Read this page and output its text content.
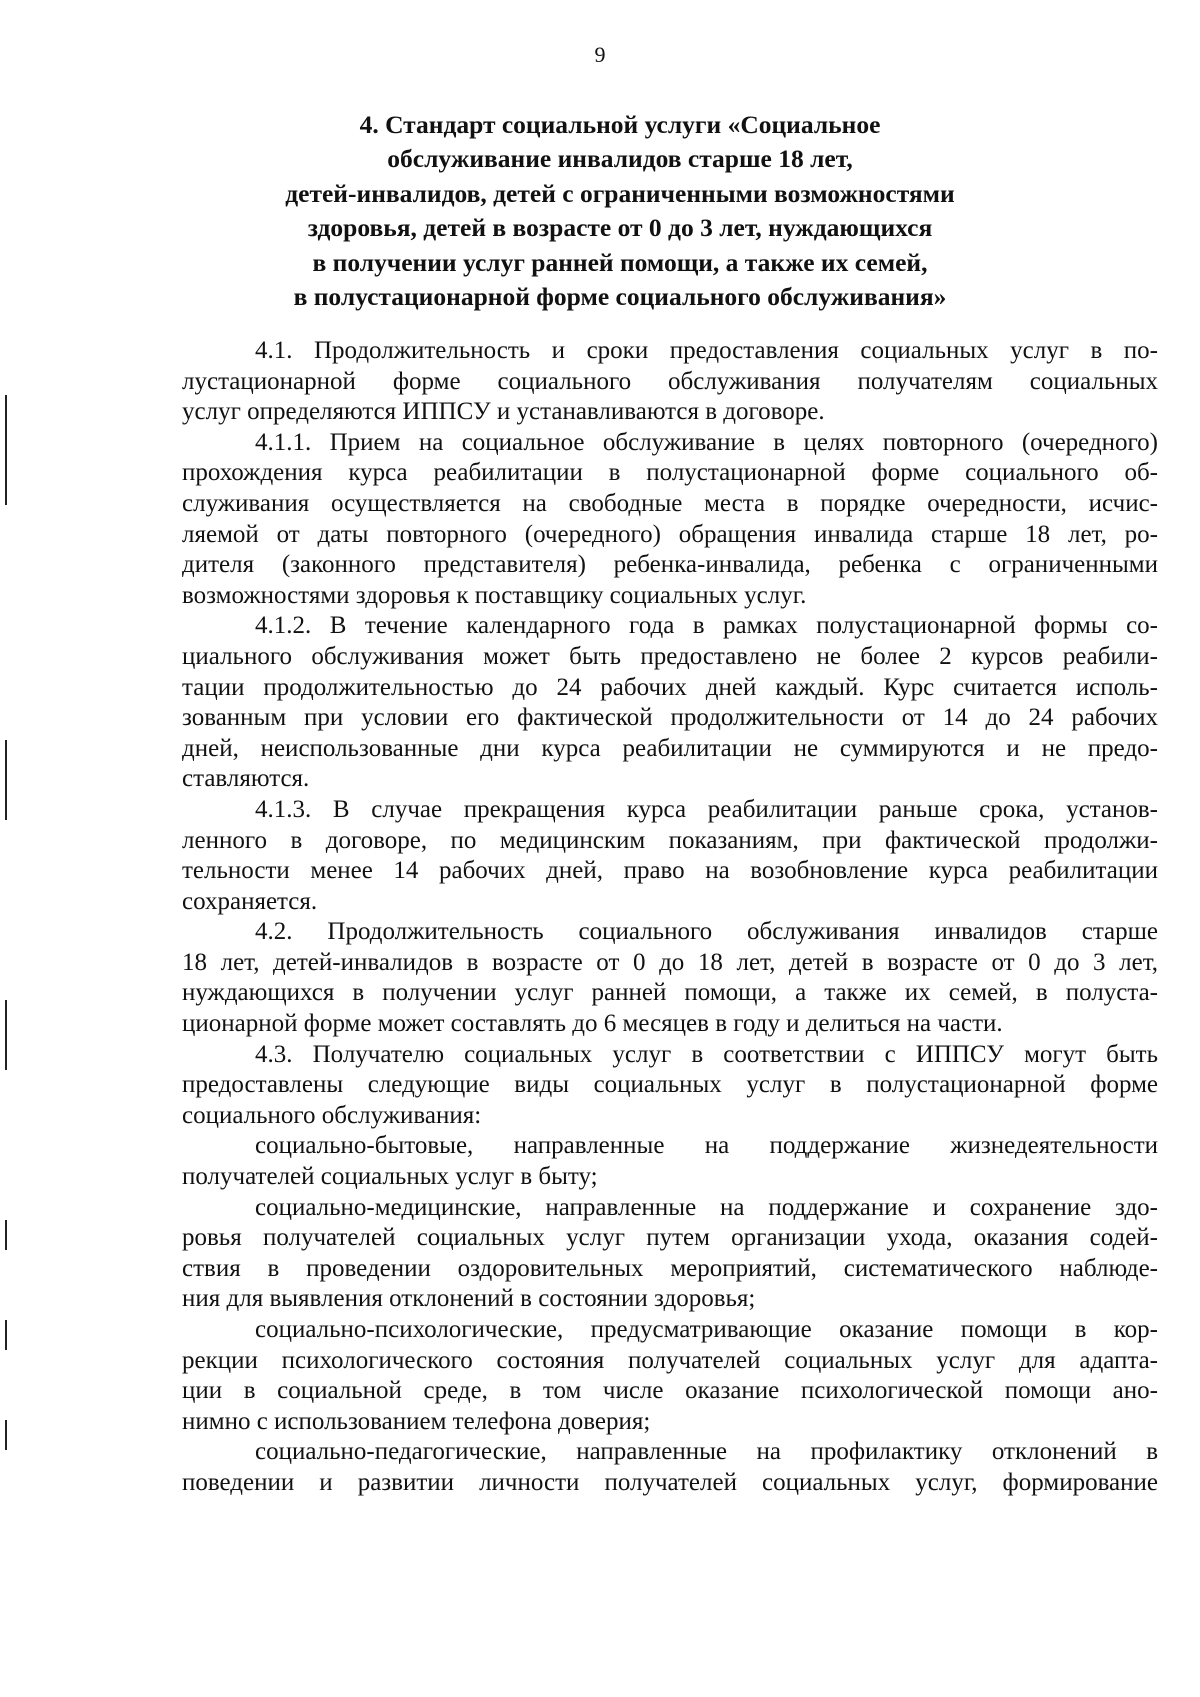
9
4. Стандарт социальной услуги «Социальное
обслуживание инвалидов старше 18 лет,
детей-инвалидов, детей с ограниченными возможностями
здоровья, детей в возрасте от 0 до 3 лет, нуждающихся
в получении услуг ранней помощи, а также их семей,
в полустационарной форме социального обслуживания»
4.1. Продолжительность и сроки предоставления социальных услуг в по-
лустационарной форме социального обслуживания получателям социальных
услуг определяются ИППСУ и устанавливаются в договоре.
4.1.1. Прием на социальное обслуживание в целях повторного (очередного)
прохождения курса реабилитации в полустационарной форме социального об-
служивания осуществляется на свободные места в порядке очередности, исчис-
ляемой от даты повторного (очередного) обращения инвалида старше 18 лет, ро-
дителя (законного представителя) ребенка-инвалида, ребенка с ограниченными
возможностями здоровья к поставщику социальных услуг.
4.1.2. В течение календарного года в рамках полустационарной формы со-
циального обслуживания может быть предоставлено не более 2 курсов реабили-
тации продолжительностью до 24 рабочих дней каждый. Курс считается исполь-
зованным при условии его фактической продолжительности от 14 до 24 рабочих
дней, неиспользованные дни курса реабилитации не суммируются и не предо-
ставляются.
4.1.3. В случае прекращения курса реабилитации раньше срока, установ-
ленного в договоре, по медицинским показаниям, при фактической продолжи-
тельности менее 14 рабочих дней, право на возобновление курса реабилитации
сохраняется.
4.2. Продолжительность социального обслуживания инвалидов старше
18 лет, детей-инвалидов в возрасте от 0 до 18 лет, детей в возрасте от 0 до 3 лет,
нуждающихся в получении услуг ранней помощи, а также их семей, в полуста-
ционарной форме может составлять до 6 месяцев в году и делиться на части.
4.3. Получателю социальных услуг в соответствии с ИППСУ могут быть
предоставлены следующие виды социальных услуг в полустационарной форме
социального обслуживания:
социально-бытовые, направленные на поддержание жизнедеятельности
получателей социальных услуг в быту;
социально-медицинские, направленные на поддержание и сохранение здо-
ровья получателей социальных услуг путем организации ухода, оказания содей-
ствия в проведении оздоровительных мероприятий, систематического наблюде-
ния для выявления отклонений в состоянии здоровья;
социально-психологические, предусматривающие оказание помощи в кор-
рекции психологического состояния получателей социальных услуг для адапта-
ции в социальной среде, в том числе оказание психологической помощи ано-
нимно с использованием телефона доверия;
социально-педагогические, направленные на профилактику отклонений в
поведении и развитии личности получателей социальных услуг, формирование
